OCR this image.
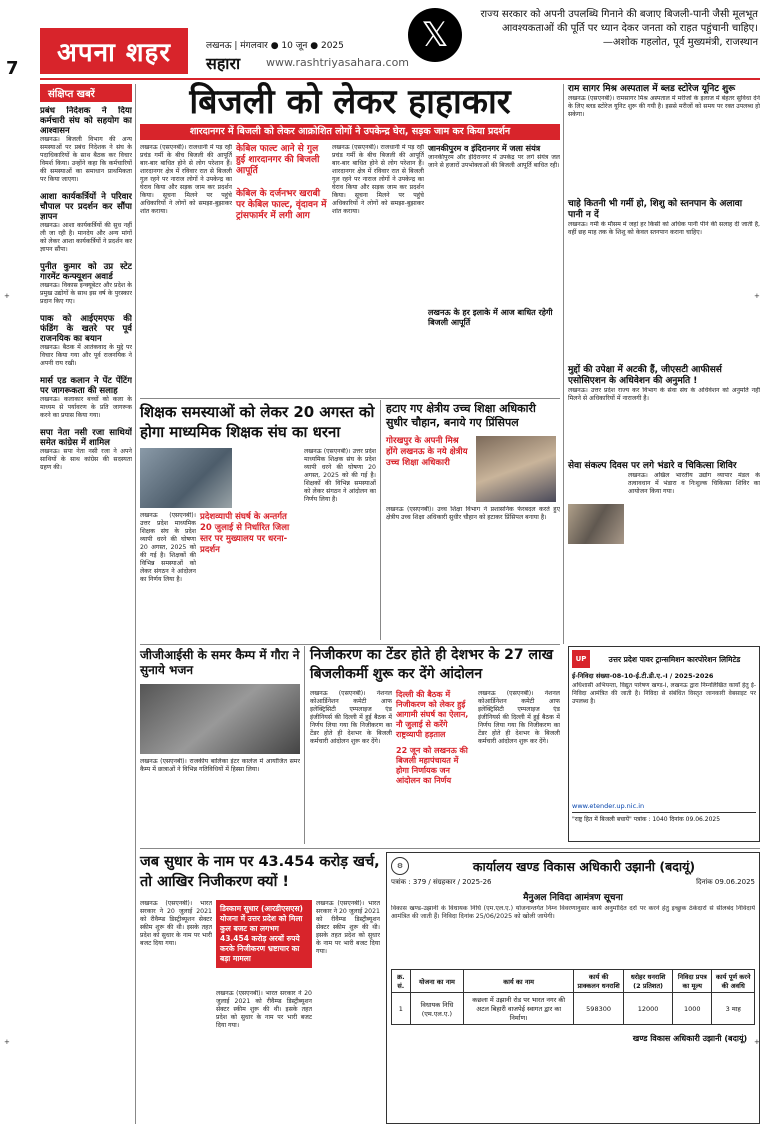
7
अपना शहर	लखनऊ | मंगलवार ● 10 जून ● 2025
सहारा www.rashtriyasahara.com
𝕏
राज्य सरकार को अपनी उपलब्धि गिनाने की बजाए बिजली-पानी जैसी मूलभूत आवश्यकताओं की पूर्ति पर ध्यान देकर जनता को राहत पहुंचानी चाहिए।
—अशोक गहलोत, पूर्व मुख्यमंत्री, राजस्थान
संक्षिप्त खबरें
प्रबंध निदेशक ने दिया कर्मचारी संघ को सहयोग का आश्वासन
लखनऊ। बिजली विभाग की अन्य समस्याओं पर प्रबंध निदेशक ने संघ के पदाधिकारियों के साथ बैठक कर विचार विमर्श किया। उन्होंने कहा कि कर्मचारियों की समस्याओं का समाधान प्राथमिकता पर किया जाएगा।

आशा कार्यकर्त्रियों ने परिवार चौपाल पर प्रदर्शन कर सौंपा ज्ञापन
लखनऊ। आशा कार्यकर्त्रियों की सुध नहीं ली जा रही है। मानदेय और अन्य मांगों को लेकर आशा कार्यकर्त्रियों ने प्रदर्शन कर ज्ञापन सौंपा।

पुनीत कुमार को उप्र स्टेट गारमेंट कन्फ्यूशन अवार्ड
लखनऊ। विकास इन्क्यूबेटर और प्रदेश के प्रमुख उद्योगों के साथ इस वर्ष के पुरस्कार प्रदान किए गए।

पाक को आईएमएफ की फंडिंग के खतरे पर पूर्व राजनयिक का बयान
लखनऊ। बैठक में आतंकवाद के मुद्दे पर विचार किया गया और पूर्व राजनयिक ने अपनी राय रखी।

मार्स एड कलान ने पेंट पेंटिंग पर जागरूकता की सलाह
लखनऊ। कलाकार बच्चों को कला के माध्यम से पर्यावरण के प्रति जागरूक करने का प्रयास किया गया।

सपा नेता नसी रजा साथियों समेत कांग्रेस में शामिल
लखनऊ। सपा नेता नसी रजा ने अपने साथियों के साथ कांग्रेस की सदस्यता ग्रहण की।
बिजली को लेकर हाहाकार
शारदानगर में बिजली को लेकर आक्रोशित लोगों ने उपकेन्द्र घेरा, सड़क जाम कर किया प्रदर्शन
लखनऊ (एसएनबी)। राजधानी में पड़ रही प्रचंड गर्मी के बीच बिजली की आपूर्ति बार-बार बाधित होने से लोग परेशान हैं। शारदानगर क्षेत्र में रविवार रात से बिजली गुल रहने पर नाराज लोगों ने उपकेन्द्र का घेराव किया और सड़क जाम कर प्रदर्शन किया। सूचना मिलने पर पहुंचे अधिकारियों ने लोगों को समझा-बुझाकर शांत कराया।
केबिल फाल्ट आने से गुल हुई शारदानगर की बिजली आपूर्ति
केबिल के दर्जनभर खराबी पर केबिल फाल्ट, वृंदावन में ट्रांसफार्मर में लगी आग
लखनऊ (एसएनबी)। राजधानी में पड़ रही प्रचंड गर्मी के बीच बिजली की आपूर्ति बार-बार बाधित होने से लोग परेशान हैं। शारदानगर क्षेत्र में रविवार रात से बिजली गुल रहने पर नाराज लोगों ने उपकेन्द्र का घेराव किया और सड़क जाम कर प्रदर्शन किया। सूचना मिलने पर पहुंचे अधिकारियों ने लोगों को समझा-बुझाकर शांत कराया।
जानकीपुरम व इंदिरानगर में जला संयंत्र
जानकीपुरम और इंदिरानगर में उपकेंद्र पर लगे संयंत्र जल जाने से हजारों उपभोक्ताओं की बिजली आपूर्ति बाधित रही।
लखनऊ के हर इलाके में आज बाधित रहेगी बिजली आपूर्ति
राम सागर मिश्र अस्पताल में ब्लड स्टोरेज यूनिट शुरू
लखनऊ (एसएनबी)। रामसागर मिश्र अस्पताल में मरीजों के इलाज में बेहतर सुविधा देने के लिए ब्लड स्टोरेज यूनिट शुरू की गयी है। इससे मरीजों को समय पर रक्त उपलब्ध हो सकेगा।
चाहे कितनी भी गर्मी हो, शिशु को स्तनपान के अलावा पानी न दें
लखनऊ। गर्मी के मौसम में जहां हर किसी को अधिक पानी पीने की सलाह दी जाती है, वहीं छह माह तक के शिशु को केवल स्तनपान कराना चाहिए।
मुद्दों की उपेक्षा में अटकी हैं, जीएसटी आफीसर्स एसोसिएशन के अधिवेशन की अनुमति !
लखनऊ। उत्तर प्रदेश राज्य कर विभाग के सेवा संघ के अधिवेशन को अनुमति नहीं मिलने से अधिकारियों में नाराजगी है।
सेवा संकल्प दिवस पर लगे भंडारे व चिकित्सा शिविर
लखनऊ। अखिल भारतीय उद्योग व्यापार मंडल के तत्वावधान में भंडारा व निःशुल्क चिकित्सा शिविर का आयोजन किया गया।
शिक्षक समस्याओं को लेकर 20 अगस्त को होगा माध्यमिक शिक्षक संघ का धरना
लखनऊ (एसएनबी)। उत्तर प्रदेश माध्यमिक शिक्षक संघ के प्रदेश व्यापी धरने की घोषणा 20 अगस्त, 2025 को की गई है। शिक्षकों की विभिन्न समस्याओं को लेकर संगठन ने आंदोलन का निर्णय लिया है।
प्रदेशव्यापी संघर्ष के अन्तर्गत 20 जुलाई से निर्धारित जिला स्तर पर मुख्यालय पर धरना-प्रदर्शन
लखनऊ (एसएनबी)। उत्तर प्रदेश माध्यमिक शिक्षक संघ के प्रदेश व्यापी धरने की घोषणा 20 अगस्त, 2025 को की गई है। शिक्षकों की विभिन्न समस्याओं को लेकर संगठन ने आंदोलन का निर्णय लिया है।
हटाए गए क्षेत्रीय उच्च शिक्षा अधिकारी सुधीर चौहान, बनाये गए प्रिंसिपल
गोरखपुर के अपनी मिश्र होंगे लखनऊ के नये क्षेत्रीय उच्च शिक्षा अधिकारी
लखनऊ (एसएनबी)। उच्च शिक्षा विभाग ने प्रशासनिक फेरबदल करते हुए क्षेत्रीय उच्च शिक्षा अधिकारी सुधीर चौहान को हटाकर प्रिंसिपल बनाया है।
जीजीआईसी के समर कैम्प में गौरा ने सुनाये भजन
लखनऊ (एसएनबी)। राजकीय बालिका इंटर कालेज में आयोजित समर कैम्प में छात्राओं ने विभिन्न गतिविधियों में हिस्सा लिया।
निजीकरण का टेंडर होते ही देशभर के 27 लाख बिजलीकर्मी शुरू कर देंगे आंदोलन
लखनऊ (एसएनबी)। नेशनल कोआर्डिनेशन कमेटी आफ इलेक्ट्रिसिटी एम्पलाइज एंड इंजीनियर्स की दिल्ली में हुई बैठक में निर्णय लिया गया कि निजीकरण का टेंडर होते ही देशभर के बिजली कर्मचारी आंदोलन शुरू कर देंगे।
दिल्ली की बैठक में निजीकरण को लेकर हुई आगामी संघर्ष का ऐलान, नौ जुलाई से करेंगे राष्ट्रव्यापी हड़ताल
22 जून को लखनऊ की बिजली महापंचायत में होगा निर्णायक जन आंदोलन का निर्णय
लखनऊ (एसएनबी)। नेशनल कोआर्डिनेशन कमेटी आफ इलेक्ट्रिसिटी एम्पलाइज एंड इंजीनियर्स की दिल्ली में हुई बैठक में निर्णय लिया गया कि निजीकरण का टेंडर होते ही देशभर के बिजली कर्मचारी आंदोलन शुरू कर देंगे।
UP	उत्तर प्रदेश पावर ट्रान्समिशन कारपोरेशन लिमिटेड
ई-निविदा संख्या-08-10-ई.टी.डी.ए.-I / 2025-2026
अधिशासी अभियन्ता, विद्युत पारेषण खण्ड-I, लखनऊ द्वारा निम्नलिखित कार्यों हेतु ई-निविदा आमंत्रित की जाती है। निविदा से संबंधित विस्तृत जानकारी वेबसाइट पर उपलब्ध है।
www.etender.up.nic.in
"राष्ट्र हित में बिजली बचायें" पत्रांक : 1040 दिनांक 09.06.2025
जब सुधार के नाम पर 43.454 करोड़ खर्च, तो आखिर निजीकरण क्यों !
लखनऊ (एसएनबी)। भारत सरकार ने 20 जुलाई 2021 को रीवैम्प्ड डिस्ट्रीब्यूशन सेक्टर स्कीम शुरू की थी। इसके तहत प्रदेश को सुधार के नाम पर भारी बजट दिया गया।
डिस्काम सुधार (आरडीएसएस) योजना में उत्तर प्रदेश को मिला कुल बजट का लगभग 43.454 करोड़ अरबों रुपये करके निजीकरण भ्रष्टाचार का बड़ा मामला
लखनऊ (एसएनबी)। भारत सरकार ने 20 जुलाई 2021 को रीवैम्प्ड डिस्ट्रीब्यूशन सेक्टर स्कीम शुरू की थी। इसके तहत प्रदेश को सुधार के नाम पर भारी बजट दिया गया।
लखनऊ (एसएनबी)। भारत सरकार ने 20 जुलाई 2021 को रीवैम्प्ड डिस्ट्रीब्यूशन सेक्टर स्कीम शुरू की थी। इसके तहत प्रदेश को सुधार के नाम पर भारी बजट दिया गया।
⚙	कार्यालय खण्ड विकास अधिकारी उझानी (बदायूं)
पत्रांक : 379 / संग्रहकार / 2025-26	दिनांक 09.06.2025
मैनुअल निविदा आमंत्रण सूचना
विकास खण्ड-उझानी के विधायक निधि (एम.एल.ए.) योजनान्तर्गत निम्न विवरणानुसार कार्य अनुमोदित दरों पर करने हेतु इच्छुक ठेकेदारों से सीलबंद निविदायें आमंत्रित की जाती हैं। निविदा दिनांक 25/06/2025 को खोली जायेगी।
क्र. सं.	योजना का नाम	कार्य का नाम	कार्य की प्राक्कलन धनराशि	धरोहर धनराशि (2 प्रतिशत)	निविदा प्रपत्र का मूल्य	कार्य पूर्ण करने की अवधि
1	विधायक निधि (एम.एल.ए.)	कछला में उझानी रोड पर भारत नगर की अटल बिहारी वाजपेई स्वागत द्वार का निर्माण।	598300	12000	1000	3 माह
खण्ड विकास अधिकारी उझानी (बदायूं)
+
+
+
+
